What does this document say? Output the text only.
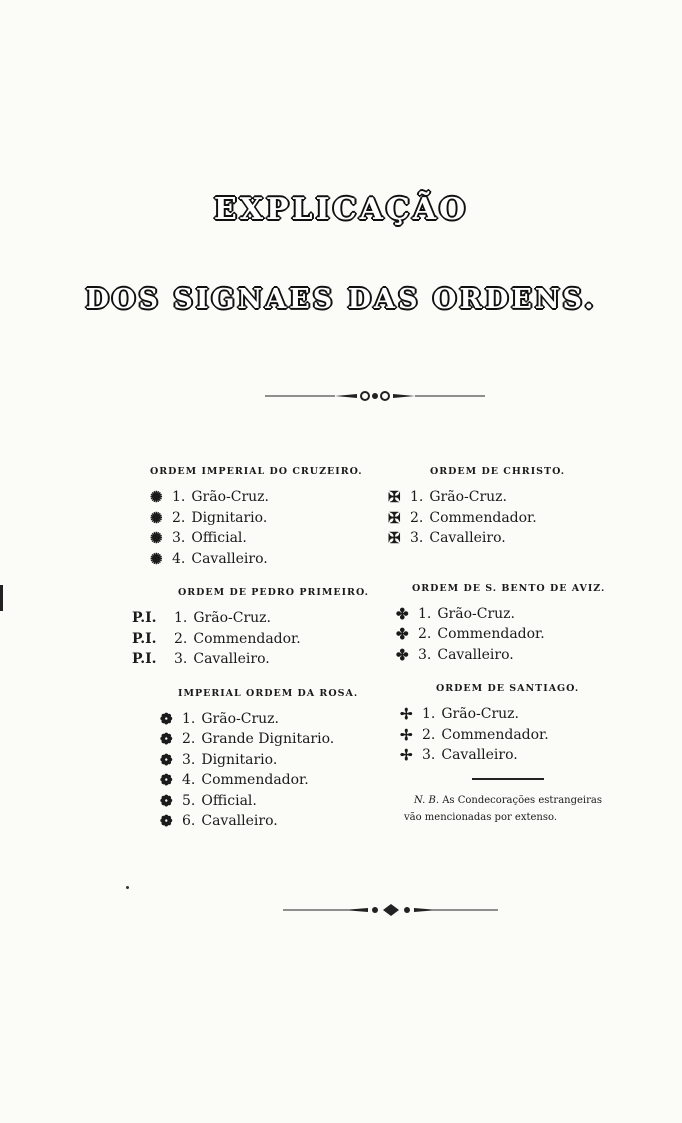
EXPLICAÇÃO
DOS SIGNAES DAS ORDENS.
ORDEM IMPERIAL DO CRUZEIRO.
✺ 1. Grão-Cruz.
✺ 2. Dignitario.
✺ 3. Official.
✺ 4. Cavalleiro.
ORDEM DE PEDRO PRIMEIRO.
P.I.	1. Grão-Cruz.
P.I.	2. Commendador.
P.I.	3. Cavalleiro.
IMPERIAL ORDEM DA ROSA.
❁ 1. Grão-Cruz.
❁ 2. Grande Dignitario.
❁ 3. Dignitario.
❁ 4. Commendador.
❁ 5. Official.
❁ 6. Cavalleiro.
ORDEM DE CHRISTO.
✠ 1. Grão-Cruz.
✠ 2. Commendador.
✠ 3. Cavalleiro.
ORDEM DE S. BENTO DE AVIZ.
✤ 1. Grão-Cruz.
✤ 2. Commendador.
✤ 3. Cavalleiro.
ORDEM DE SANTIAGO.
✢ 1. Grão-Cruz.
✢ 2. Commendador.
✢ 3. Cavalleiro.
N. B. As Condecorações estrangeiras
vão mencionadas por extenso.
